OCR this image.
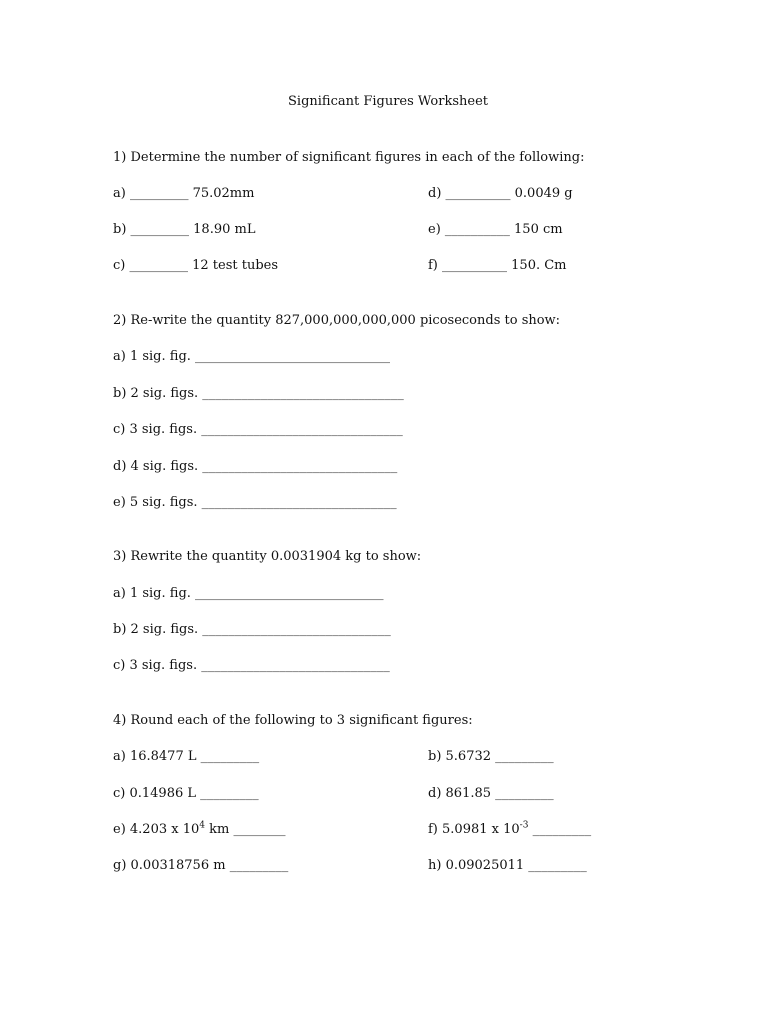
Significant Figures Worksheet
1) Determine the number of significant figures in each of the following:
a) _________ 75.02mm	d) __________ 0.0049 g
b) _________ 18.90 mL	e) __________ 150 cm
c) _________ 12 test tubes	f) __________ 150. Cm
2) Re-write the quantity 827,000,000,000,000 picoseconds to show:
a) 1 sig. fig. ______________________________
b) 2 sig. figs. _______________________________
c) 3 sig. figs. _______________________________
d) 4 sig. figs. ______________________________
e) 5 sig. figs. ______________________________
3) Rewrite the quantity 0.0031904 kg to show:
a) 1 sig. fig. _____________________________
b) 2 sig. figs. _____________________________
c) 3 sig. figs. _____________________________
4) Round each of the following to 3 significant figures:
a) 16.8477 L _________	b) 5.6732 _________
c) 0.14986 L _________	d) 861.85 _________
e) 4.203 x $10^4$ km ________	f) 5.0981 x $10^{-3}$ _________
g) 0.00318756 m _________	h) 0.09025011 _________
